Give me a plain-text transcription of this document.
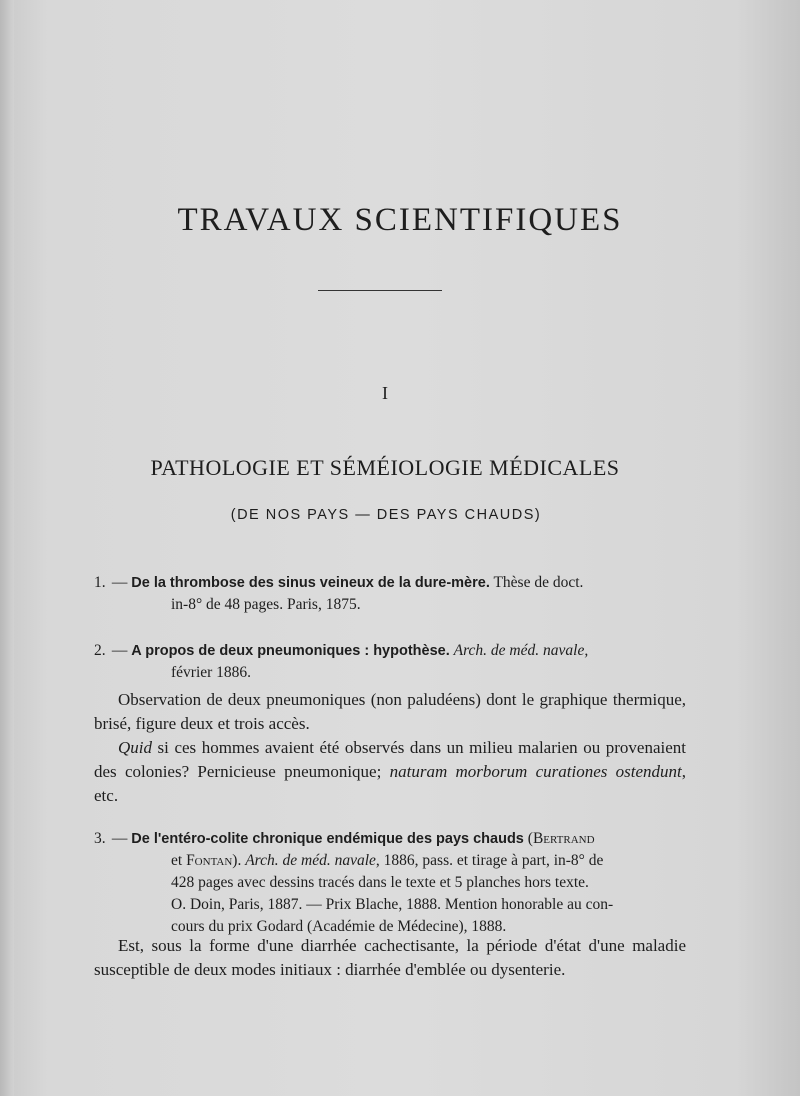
TRAVAUX SCIENTIFIQUES
I
PATHOLOGIE ET SÉMÉIOLOGIE MÉDICALES
(DE NOS PAYS — DES PAYS CHAUDS)
1. — De la thrombose des sinus veineux de la dure-mère. Thèse de doct.
in-8° de 48 pages. Paris, 1875.
2. — A propos de deux pneumoniques : hypothèse. Arch. de méd. navale,
février 1886.
Observation de deux pneumoniques (non paludéens) dont le graphique thermique, brisé, figure deux et trois accès.
Quid si ces hommes avaient été observés dans un milieu malarien ou provenaient des colonies? Pernicieuse pneumonique; naturam morborum curationes ostendunt, etc.
3. — De l'entéro-colite chronique endémique des pays chauds (Bertrand
et Fontan). Arch. de méd. navale, 1886, pass. et tirage à part, in-8° de
428 pages avec dessins tracés dans le texte et 5 planches hors texte.
O. Doin, Paris, 1887. — Prix Blache, 1888. Mention honorable au con-
cours du prix Godard (Académie de Médecine), 1888.
Est, sous la forme d'une diarrhée cachectisante, la période d'état d'une maladie susceptible de deux modes initiaux : diarrhée d'emblée ou dysenterie.
